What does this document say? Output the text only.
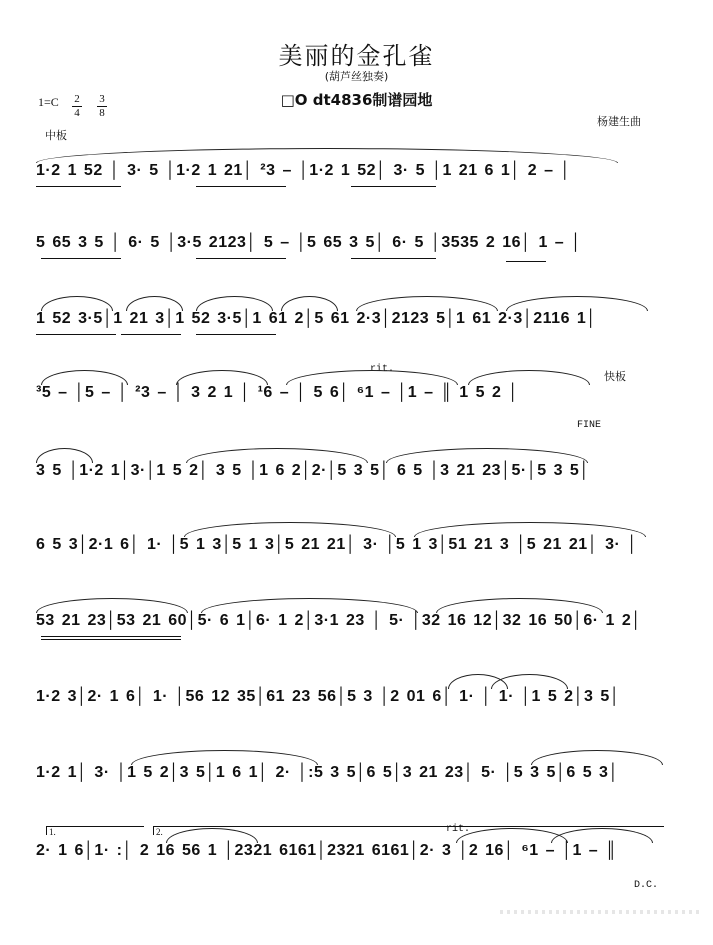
美丽的金孔雀
(葫芦丝独奏)
□O dt4836制谱园地
1=C 2
4
3
8
杨建生曲
中板
1·2 1 52 │ 3· 5 │1·2 1 21│ ²3 – │1·2 1 52│ 3· 5 │1 21 6 1│ 2 – │
5 65 3 5 │ 6· 5 │3·5 2123│ 5 – │5 65 3 5│ 6· 5 │3535 2 16│ 1 – │
1 52 3·5│1 21 3│1 52 3·5│1 61 2│5 61 2·3│2123 5│1 61 2·3│2116 1│
rit.
³5 – │5 – │ ²3 – │ 3 2 1 │ ¹6 – │ 5 6│ ⁶1 – │1 – ║ 1 5 2 │
FINE
快板
3 5 │1·2 1│3·│1 5 2│ 3 5 │1 6 2│2·│5 3 5│ 6 5 │3 21 23│5·│5 3 5│
6 5 3│2·1 6│ 1· │5 1 3│5 1 3│5 21 21│ 3· │5 1 3│51 21 3 │5 21 21│ 3· │
53 21 23│53 21 60│5· 6 1│6· 1 2│3·1 23 │ 5· │32 16 12│32 16 50│6· 1 2│
1·2 3│2· 1 6│ 1· │56 12 35│61 23 56│5 3 │2 01 6│ 1· │ 1· │1 5 2│3 5│
1·2 1│ 3· │1 5 2│3 5│1 6 1│ 2· │:5 3 5│6 5│3 21 23│ 5· │5 3 5│6 5 3│
1.	2.	rit.
2· 1 6│1· :│ 2 16 56 1 │2321 6161│2321 6161│2· 3 │2 16│ ⁶1 – │1 – ║
D.C.
